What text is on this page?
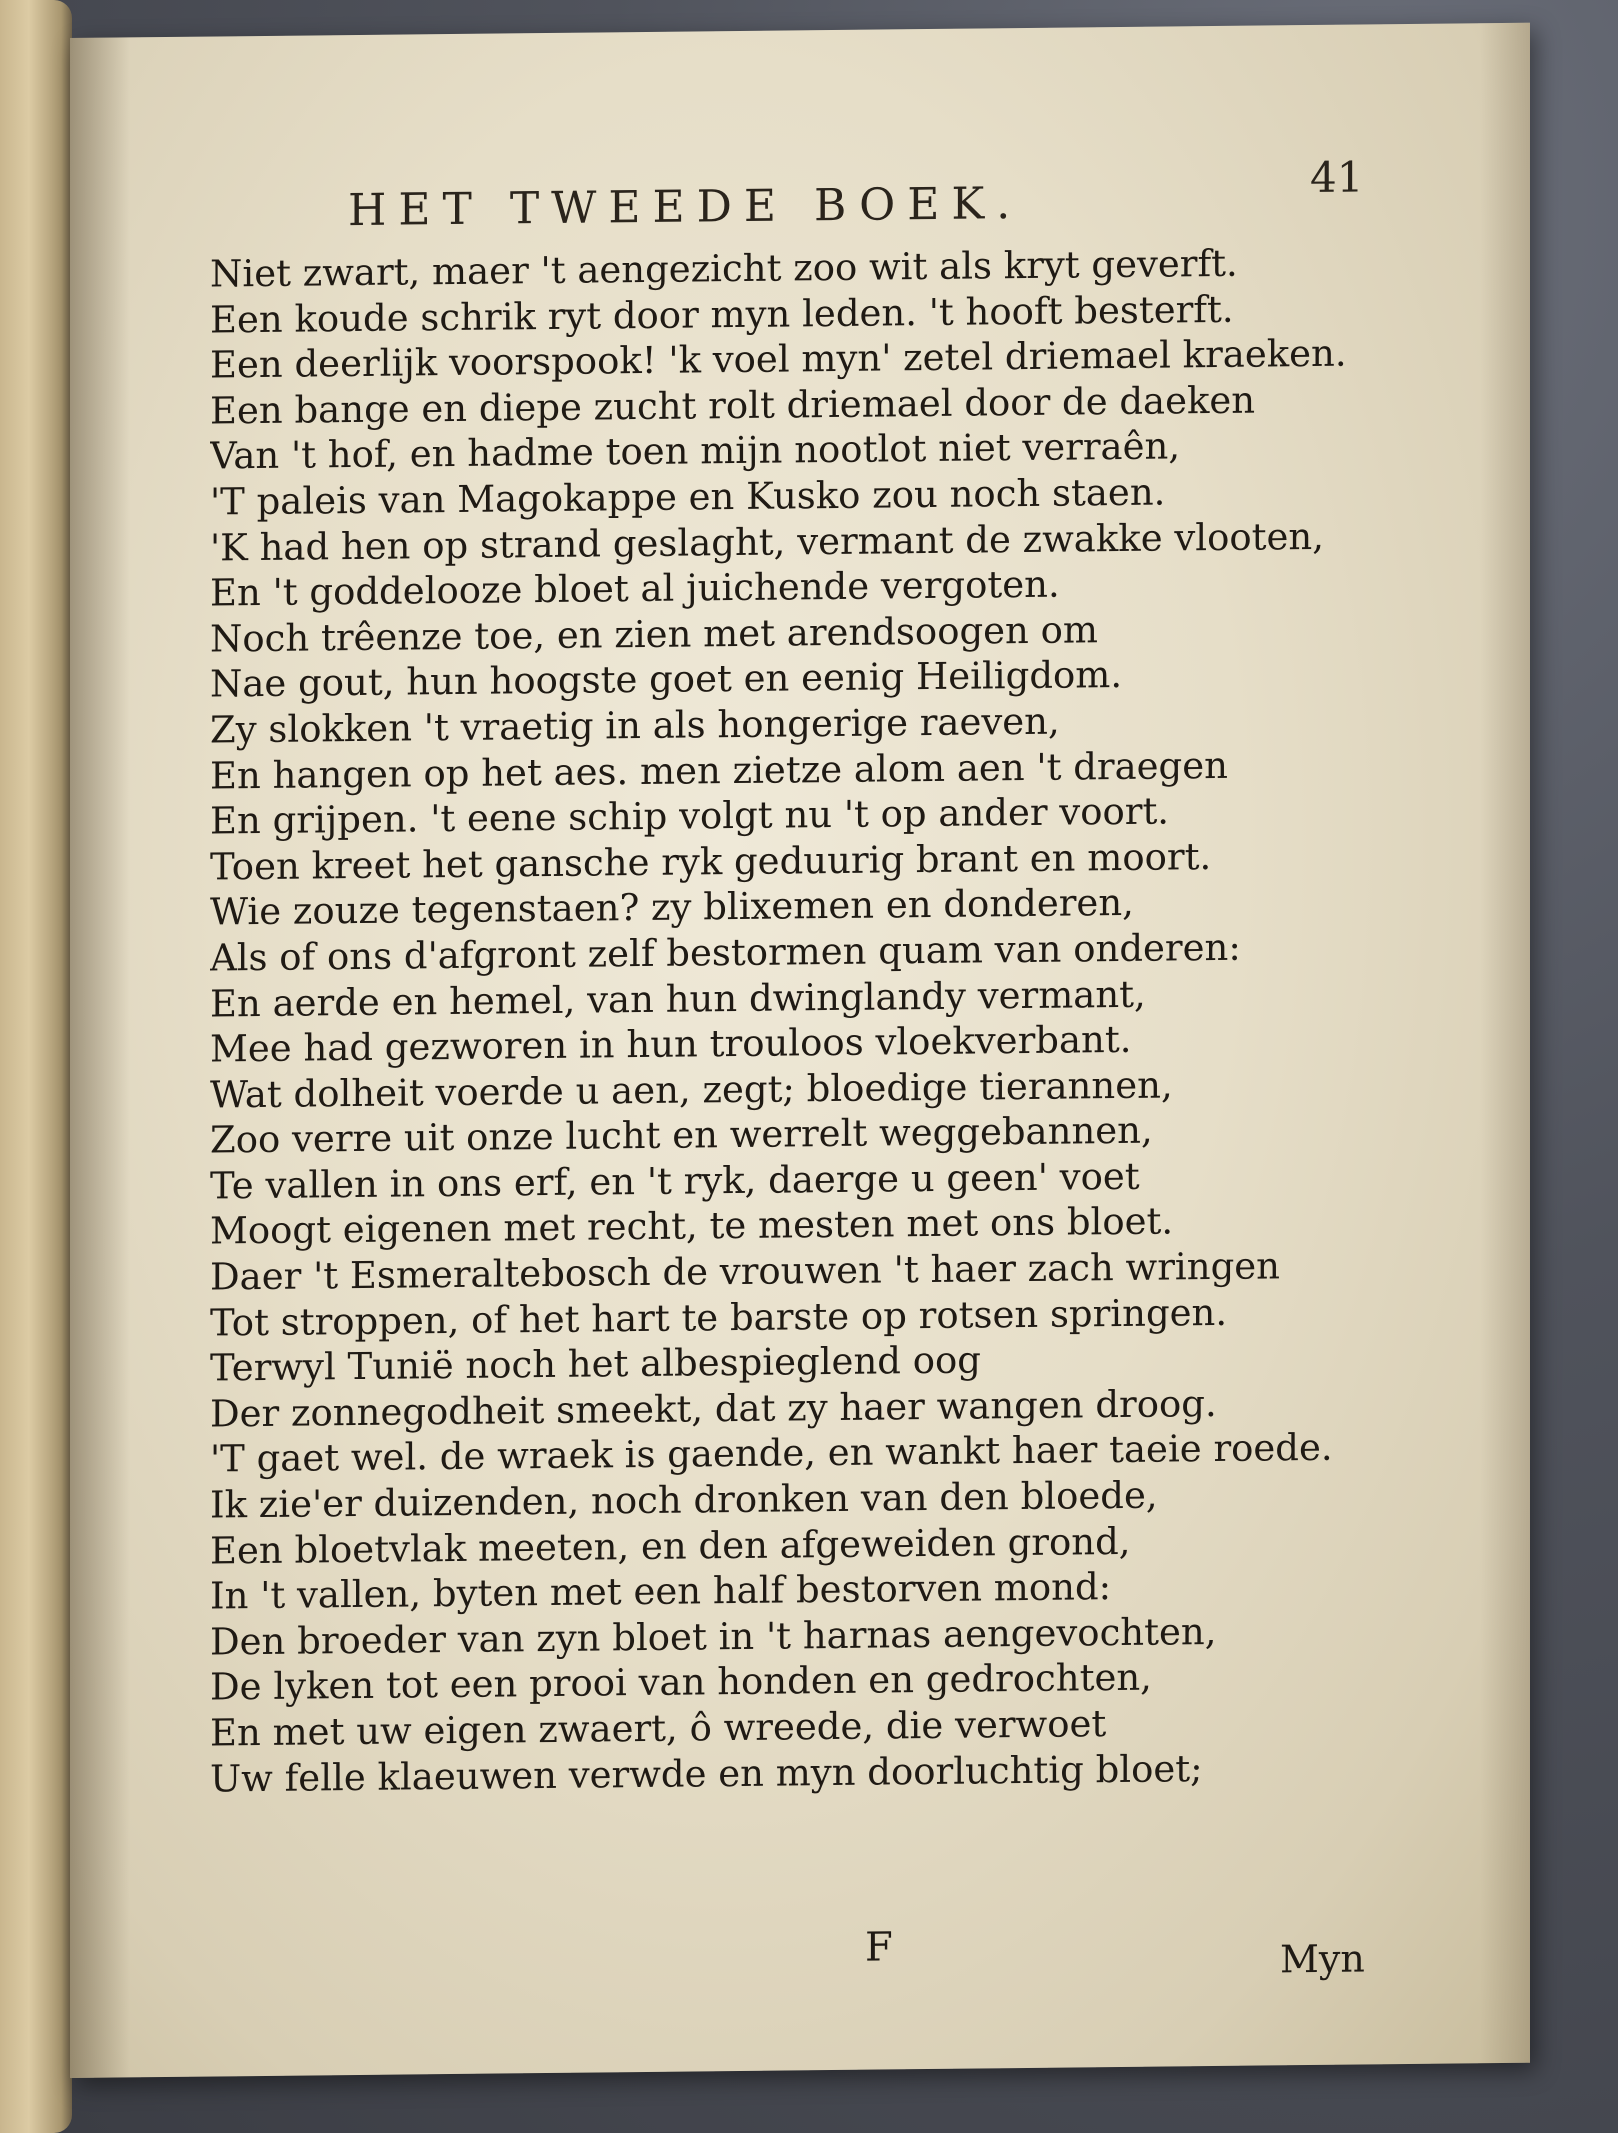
HET TWEEDE BOEK.
41
Niet zwart, maer 't aengezicht zoo wit als kryt geverft.
Een koude schrik ryt door myn leden. 't hooft besterft.
Een deerlijk voorspook! 'k voel myn' zetel driemael kraeken.
Een bange en diepe zucht rolt driemael door de daeken
Van 't hof, en hadme toen mijn nootlot niet verraên,
'T paleis van Magokappe en Kusko zou noch staen.
'K had hen op strand geslaght, vermant de zwakke vlooten,
En 't goddelooze bloet al juichende vergoten.
Noch trêenze toe, en zien met arendsoogen om
Nae gout, hun hoogste goet en eenig Heiligdom.
Zy slokken 't vraetig in als hongerige raeven,
En hangen op het aes. men zietze alom aen 't draegen
En grijpen. 't eene schip volgt nu 't op ander voort.
Toen kreet het gansche ryk geduurig brant en moort.
Wie zouze tegenstaen? zy blixemen en donderen,
Als of ons d'afgront zelf bestormen quam van onderen:
En aerde en hemel, van hun dwinglandy vermant,
Mee had gezworen in hun trouloos vloekverbant.
Wat dolheit voerde u aen, zegt; bloedige tierannen,
Zoo verre uit onze lucht en werrelt weggebannen,
Te vallen in ons erf, en 't ryk, daerge u geen' voet
Moogt eigenen met recht, te mesten met ons bloet.
Daer 't Esmeraltebosch de vrouwen 't haer zach wringen
Tot stroppen, of het hart te barste op rotsen springen.
Terwyl Tunië noch het albespieglend oog
Der zonnegodheit smeekt, dat zy haer wangen droog.
'T gaet wel. de wraek is gaende, en wankt haer taeie roede.
Ik zie'er duizenden, noch dronken van den bloede,
Een bloetvlak meeten, en den afgeweiden grond,
In 't vallen, byten met een half bestorven mond:
Den broeder van zyn bloet in 't harnas aengevochten,
De lyken tot een prooi van honden en gedrochten,
En met uw eigen zwaert, ô wreede, die verwoet
Uw felle klaeuwen verwde en myn doorluchtig bloet;
F	Myn
